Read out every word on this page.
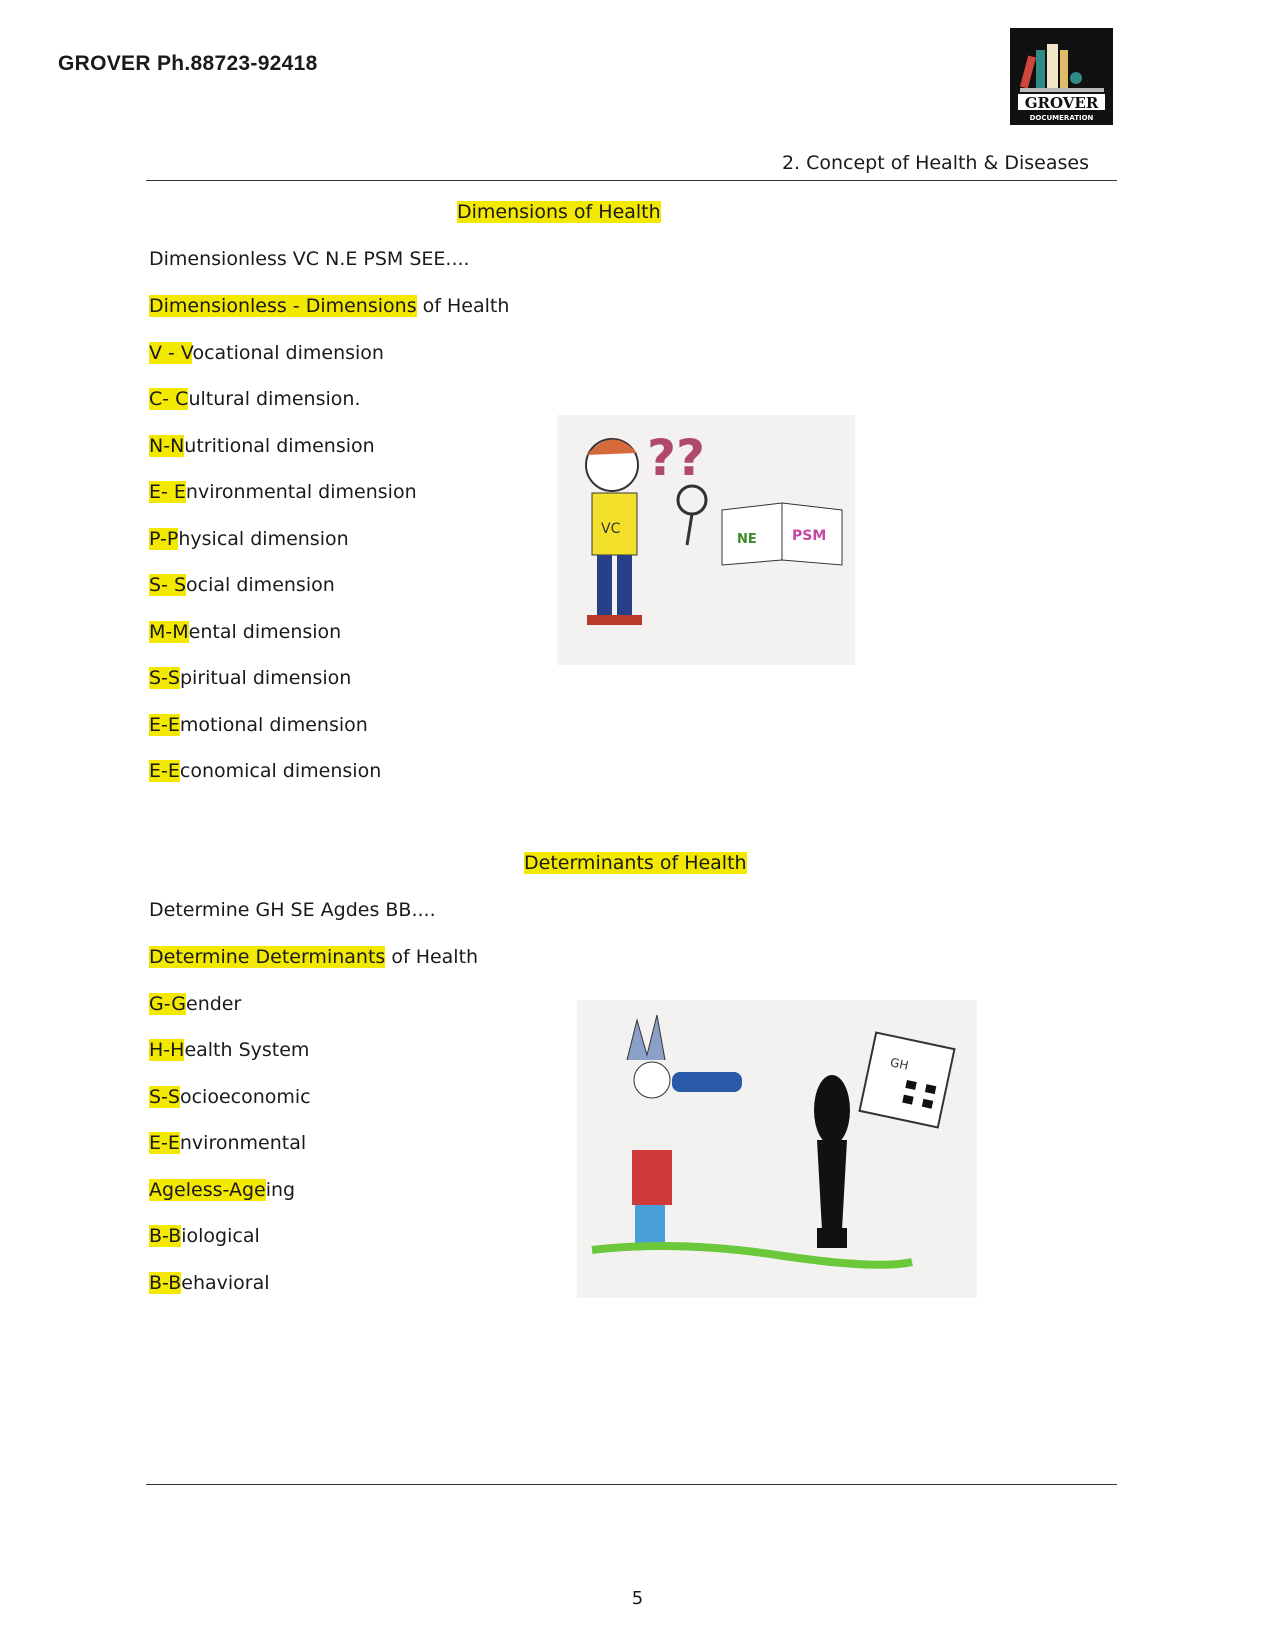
GROVER Ph.88723-92418
GROVER
DOCUMERATION
2. Concept of Health & Diseases
Dimensions of Health
Dimensionless VC N.E PSM SEE....
Dimensionless - Dimensions of Health
V - Vocational dimension
C- Cultural dimension.
N-Nutritional dimension
E- Environmental dimension
P-Physical dimension
S- Social dimension
M-Mental dimension
S-Spiritual dimension
E-Emotional dimension
E-Economical dimension
??
VC
NE	PSM
Determinants of Health
Determine GH SE Agdes BB....
Determine Determinants of Health
G-Gender
H-Health System
S-Socioeconomic
E-Environmental
Ageless-Ageing
B-Biological
B-Behavioral
GH
5
